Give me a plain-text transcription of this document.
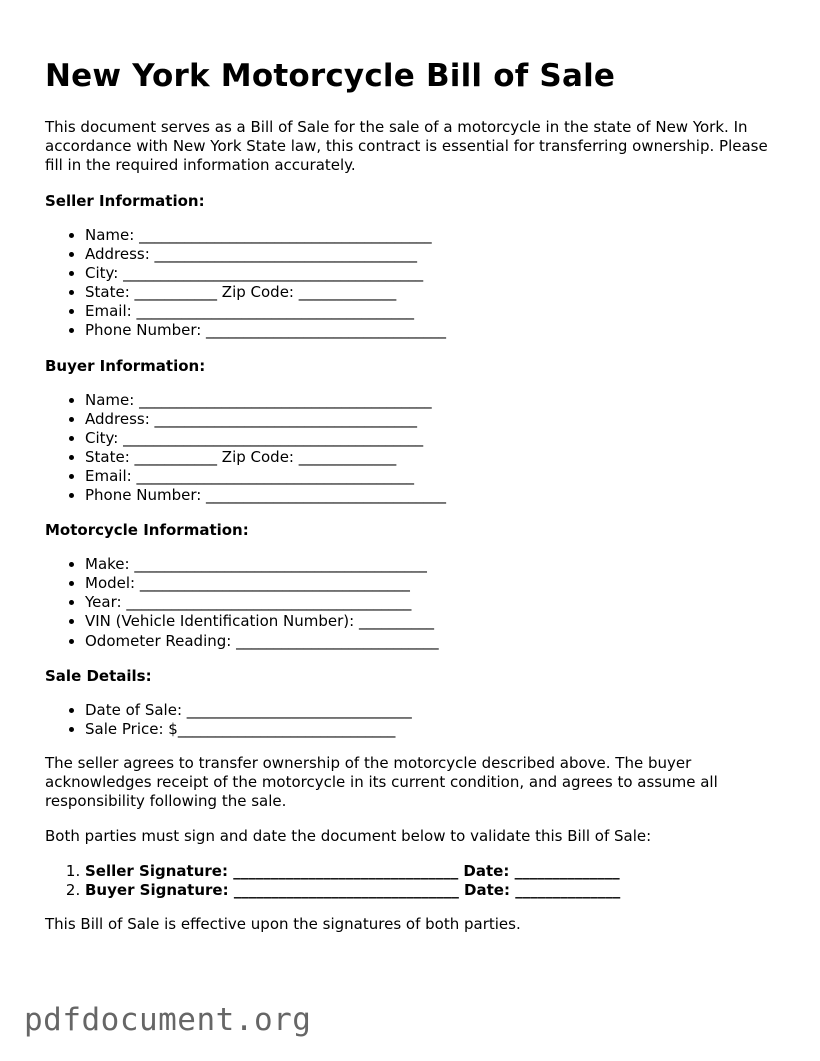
New York Motorcycle Bill of Sale

This document serves as a Bill of Sale for the sale of a motorcycle in the state of New York. In accordance with New York State law, this contract is essential for transferring ownership. Please fill in the required information accurately.

Seller Information:
• Name: _______________________________________
• Address: ___________________________________
• City: ________________________________________
• State: ___________ Zip Code: _____________
• Email: _____________________________________
• Phone Number: ________________________________
Buyer Information:
• Name: _______________________________________
• Address: ___________________________________
• City: ________________________________________
• State: ___________ Zip Code: _____________
• Email: _____________________________________
• Phone Number: ________________________________
Motorcycle Information:
• Make: _______________________________________
• Model: ____________________________________
• Year: ______________________________________
• VIN (Vehicle Identification Number): __________
• Odometer Reading: ___________________________
Sale Details:
• Date of Sale: ______________________________
• Sale Price: $_____________________________

The seller agrees to transfer ownership of the motorcycle described above. The buyer acknowledges receipt of the motorcycle in its current condition, and agrees to assume all responsibility following the sale.

Both parties must sign and date the document below to validate this Bill of Sale:

1. Seller Signature: ______________________________ Date: ______________
2. Buyer Signature: ______________________________ Date: ______________

This Bill of Sale is effective upon the signatures of both parties.

pdfdocument.org
